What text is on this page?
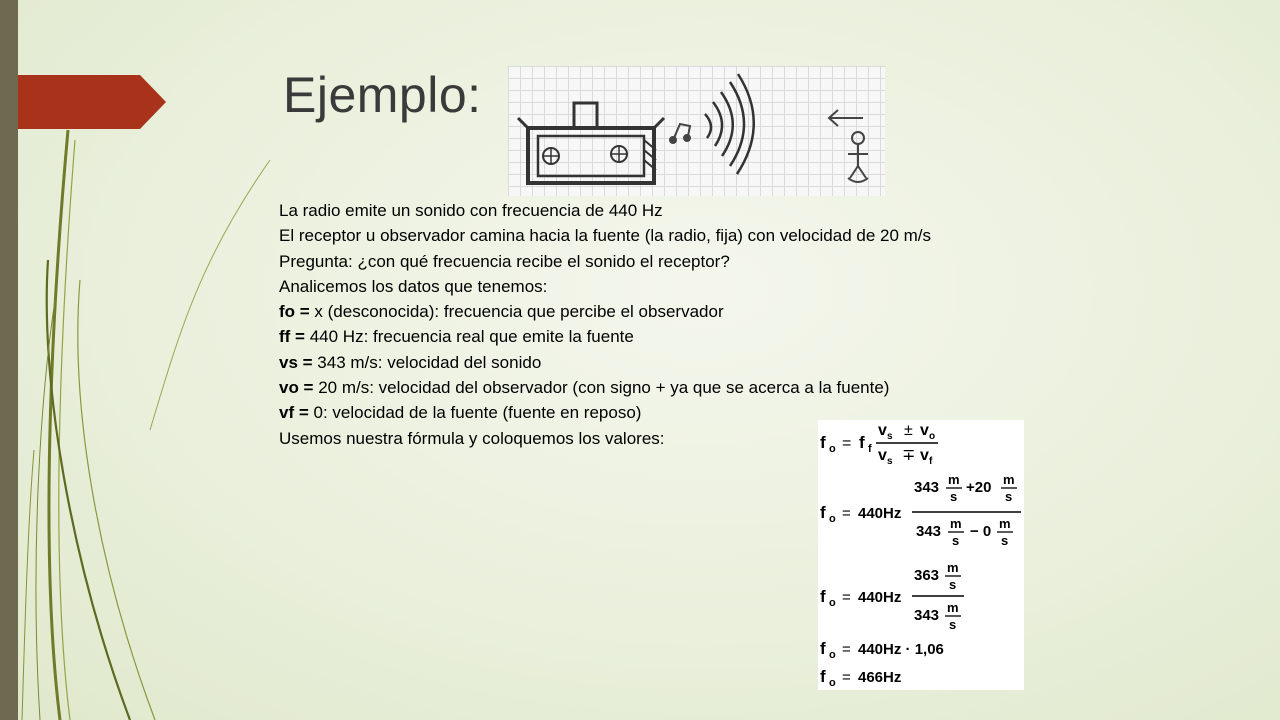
Ejemplo:

La radio emite un sonido con frecuencia de 440 Hz

El receptor u observador camina hacia la fuente (la radio, fija) con velocidad de 20 m/s

Pregunta: ¿con qué frecuencia recibe el sonido el receptor?

Analicemos los datos que tenemos:

fo = x (desconocida): frecuencia que percibe el observador

ff = 440 Hz: frecuencia real que emite la fuente

vs = 343 m/s: velocidad del sonido

vo = 20 m/s: velocidad del observador (con signo + ya que se acerca a la fuente)

vf = 0: velocidad de la fuente (fuente en reposo)

Usemos nuestra fórmula y coloquemos los valores:	f o = f f
v s ± v o
v s ∓ v f
343 m
s
+20 m
s
f o = 440Hz
343 m
s
− 0 m
s
363 m
s
f o = 440Hz
343 m
s
f o = 440Hz · 1,06
f o = 466Hz
